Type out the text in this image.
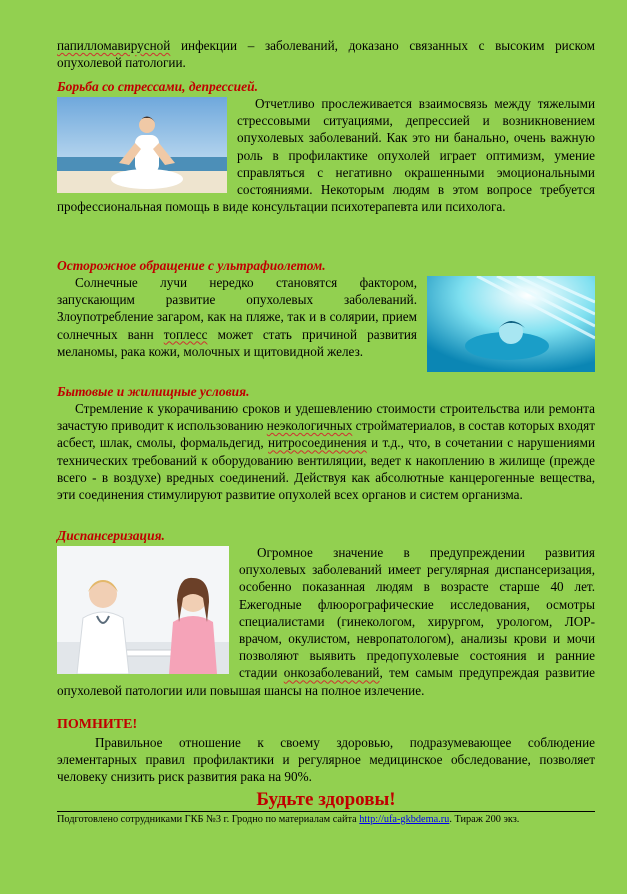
папилломавирусной инфекции – заболеваний, доказано связанных с высоким риском опухолевой патологии.

Борьба со стрессами, депрессией.

Отчетливо прослеживается взаимосвязь между тяжелыми стрессовыми ситуациями, депрессией и возникновением опухолевых заболеваний. Как это ни банально, очень важную роль в профилактике опухолей играет оптимизм, умение справляться с негативно окрашенными эмоциональными состояниями. Некоторым людям в этом вопросе требуется профессиональная помощь в виде консультации психотерапевта или психолога.

Осторожное обращение с ультрафиолетом.

Солнечные лучи нередко становятся фактором, запускающим развитие опухолевых заболеваний. Злоупотребление загаром, как на пляже, так и в солярии, прием солнечных ванн топлесс может стать причиной развития меланомы, рака кожи, молочных и щитовидной желез.

Бытовые и жилищные условия.

Стремление к укорачиванию сроков и удешевлению стоимости строительства или ремонта зачастую приводит к использованию неэкологичных стройматериалов, в состав которых входят асбест, шлак, смолы, формальдегид, нитросоединения и т.д., что, в сочетании с нарушениями технических требований к оборудованию вентиляции, ведет к накоплению в жилище (прежде всего - в воздухе) вредных соединений. Действуя как абсолютные канцерогенные вещества, эти соединения стимулируют развитие опухолей всех органов и систем организма.

Диспансеризация.

Огромное значение в предупреждении развития опухолевых заболеваний имеет регулярная диспансеризация, особенно показанная людям в возрасте старше 40 лет. Ежегодные флюорографические исследования, осмотры специалистами (гинекологом, хирургом, урологом, ЛОР-врачом, окулистом, невропатологом), анализы крови и мочи позволяют выявить предопухолевые состояния и ранние стадии онкозаболеваний, тем самым предупреждая развитие опухолевой патологии или повышая шансы на полное излечение.

ПОМНИТЕ!

Правильное отношение к своему здоровью, подразумевающее соблюдение элементарных правил профилактики и регулярное медицинское обследование, позволяет человеку снизить риск развития рака на 90%.

Будьте здоровы!

Подготовлено сотрудниками ГКБ №3 г. Гродно по материалам сайта http://ufa-gkbdema.ru. Тираж 200 экз.
